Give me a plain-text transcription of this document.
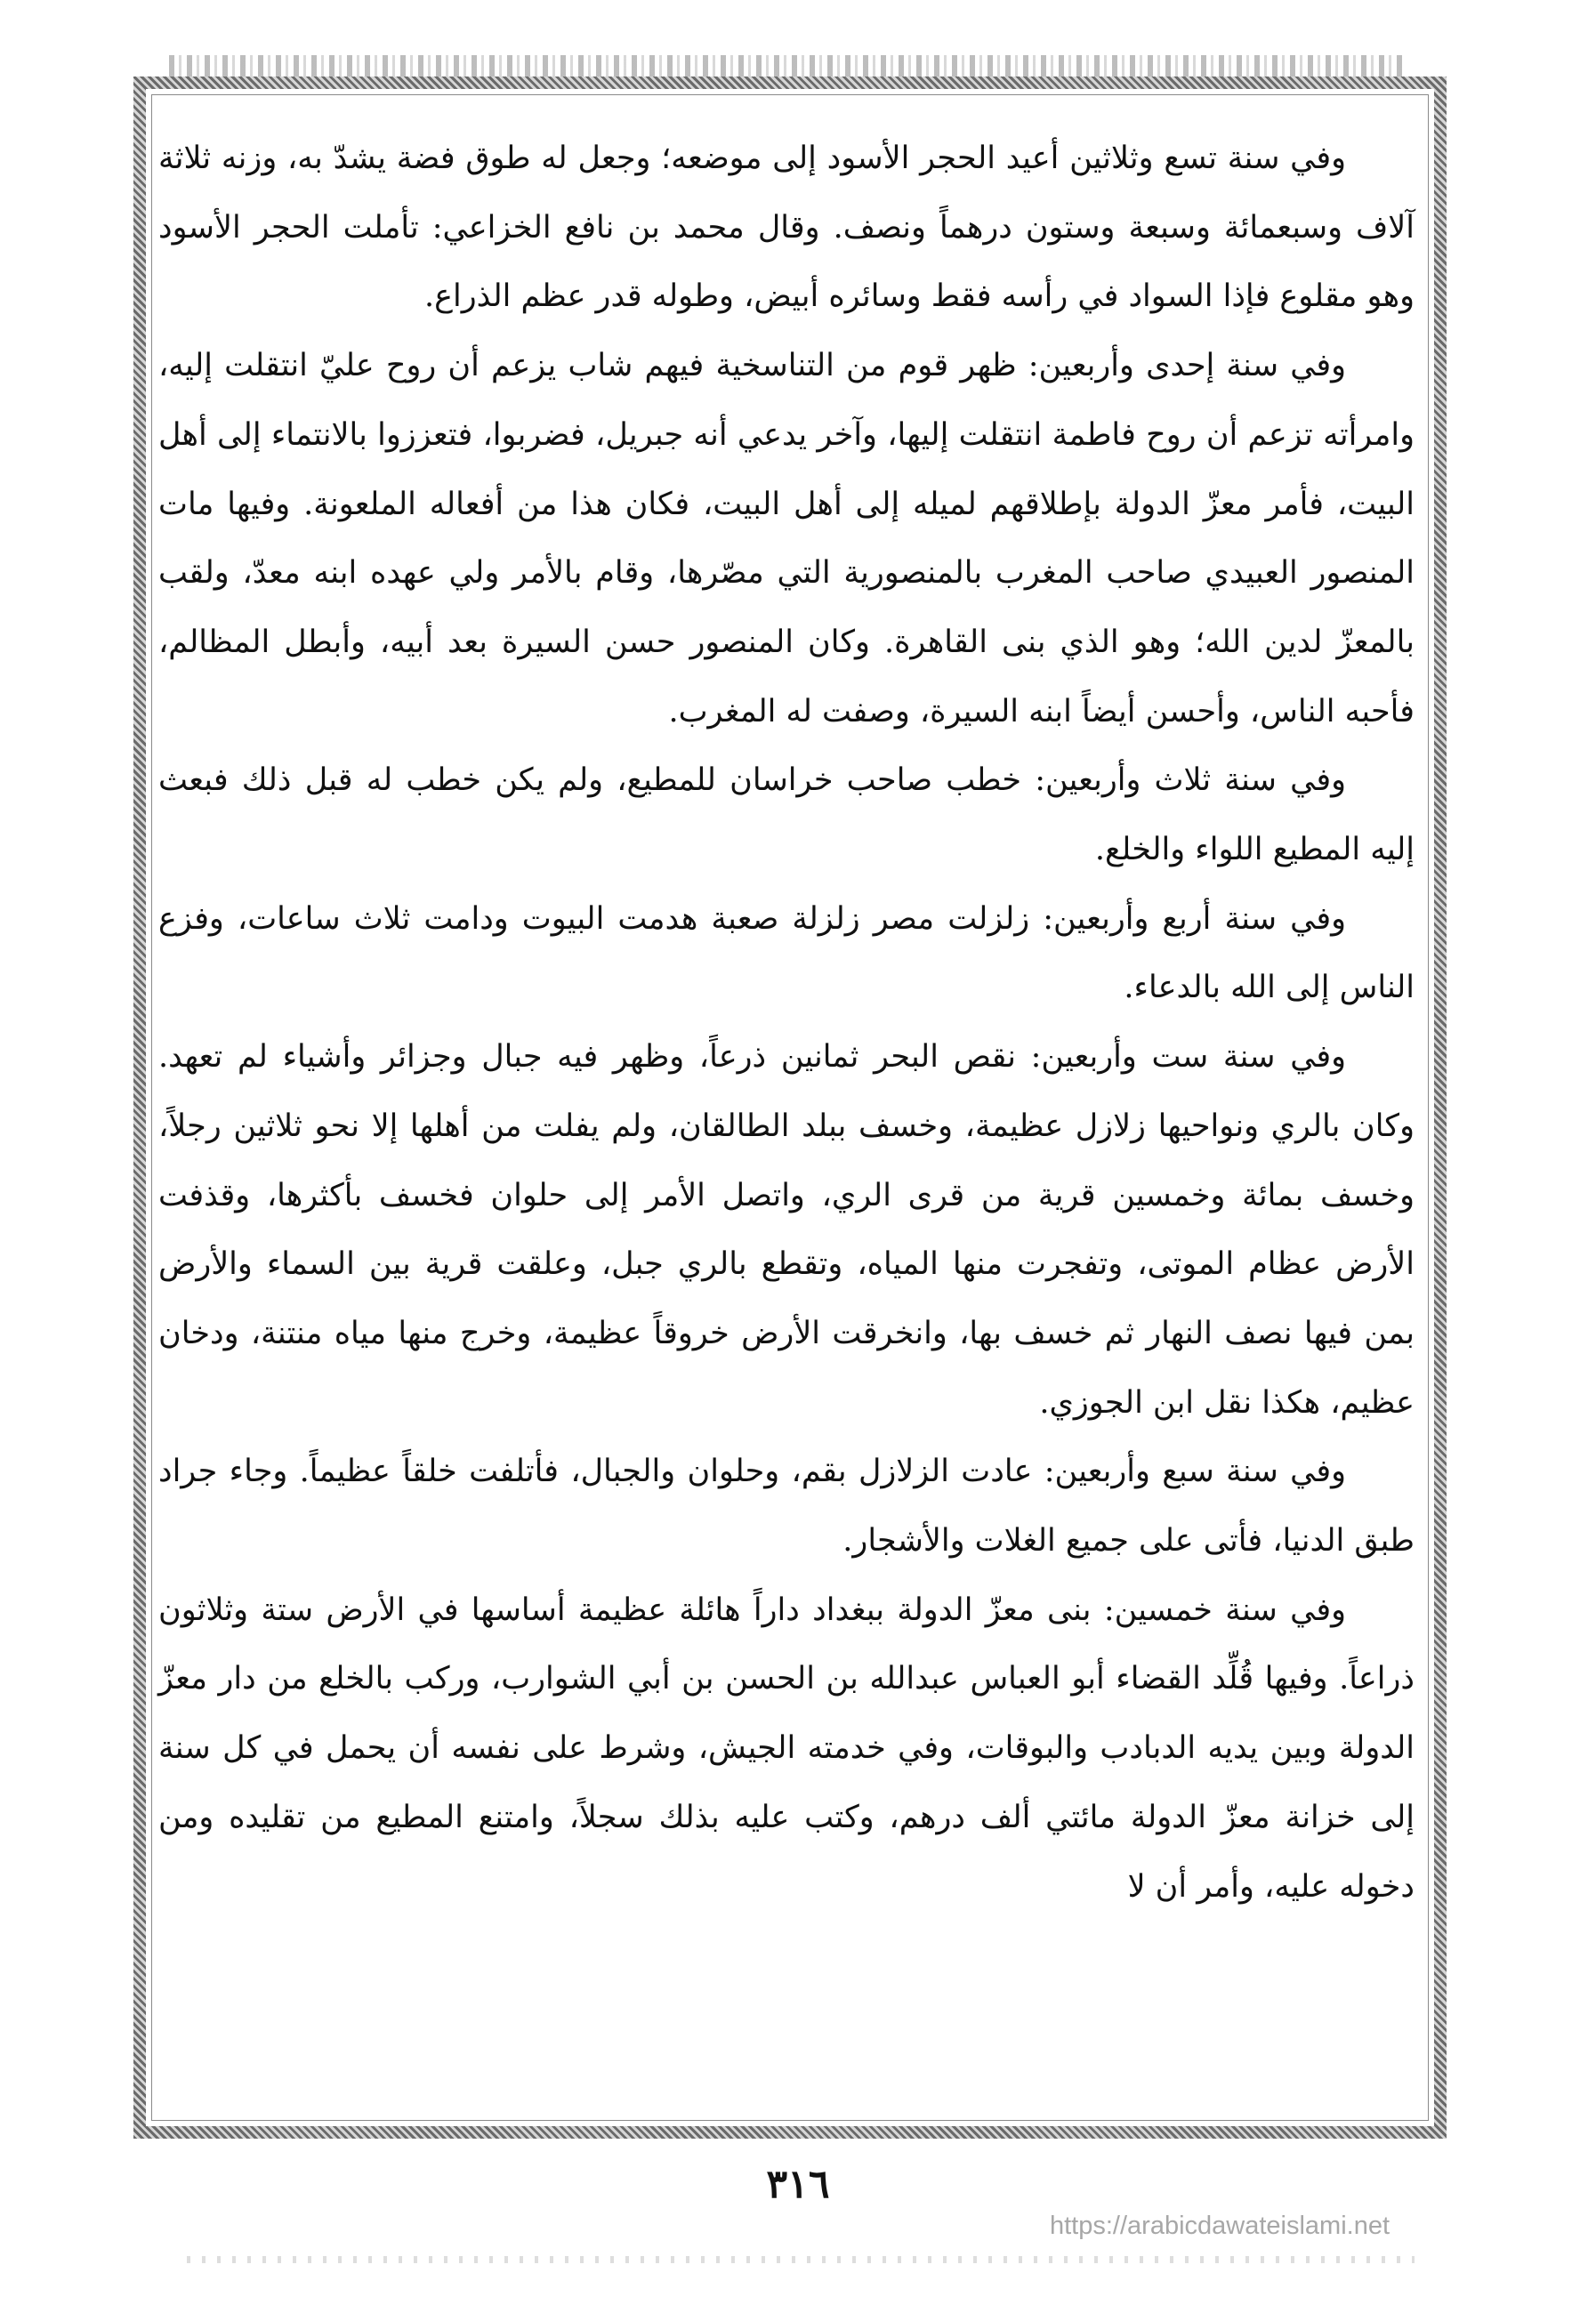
وفي سنة تسع وثلاثين أعيد الحجر الأسود إلى موضعه؛ وجعل له طوق فضة يشدّ به، وزنه ثلاثة آلاف وسبعمائة وسبعة وستون درهماً ونصف. وقال محمد بن نافع الخزاعي: تأملت الحجر الأسود وهو مقلوع فإذا السواد في رأسه فقط وسائره أبيض، وطوله قدر عظم الذراع.

وفي سنة إحدى وأربعين: ظهر قوم من التناسخية فيهم شاب يزعم أن روح عليّ انتقلت إليه، وامرأته تزعم أن روح فاطمة انتقلت إليها، وآخر يدعي أنه جبريل، فضربوا، فتعززوا بالانتماء إلى أهل البيت، فأمر معزّ الدولة بإطلاقهم لميله إلى أهل البيت، فكان هذا من أفعاله الملعونة. وفيها مات المنصور العبيدي صاحب المغرب بالمنصورية التي مصّرها، وقام بالأمر ولي عهده ابنه معدّ، ولقب بالمعزّ لدين الله؛ وهو الذي بنى القاهرة. وكان المنصور حسن السيرة بعد أبيه، وأبطل المظالم، فأحبه الناس، وأحسن أيضاً ابنه السيرة، وصفت له المغرب.

وفي سنة ثلاث وأربعين: خطب صاحب خراسان للمطيع، ولم يكن خطب له قبل ذلك فبعث إليه المطيع اللواء والخلع.

وفي سنة أربع وأربعين: زلزلت مصر زلزلة صعبة هدمت البيوت ودامت ثلاث ساعات، وفزع الناس إلى الله بالدعاء.

وفي سنة ست وأربعين: نقص البحر ثمانين ذرعاً، وظهر فيه جبال وجزائر وأشياء لم تعهد. وكان بالري ونواحيها زلازل عظيمة، وخسف ببلد الطالقان، ولم يفلت من أهلها إلا نحو ثلاثين رجلاً، وخسف بمائة وخمسين قرية من قرى الري، واتصل الأمر إلى حلوان فخسف بأكثرها، وقذفت الأرض عظام الموتى، وتفجرت منها المياه، وتقطع بالري جبل، وعلقت قرية بين السماء والأرض بمن فيها نصف النهار ثم خسف بها، وانخرقت الأرض خروقاً عظيمة، وخرج منها مياه منتنة، ودخان عظيم، هكذا نقل ابن الجوزي.

وفي سنة سبع وأربعين: عادت الزلازل بقم، وحلوان والجبال، فأتلفت خلقاً عظيماً. وجاء جراد طبق الدنيا، فأتى على جميع الغلات والأشجار.

وفي سنة خمسين: بنى معزّ الدولة ببغداد داراً هائلة عظيمة أساسها في الأرض ستة وثلاثون ذراعاً. وفيها قُلِّد القضاء أبو العباس عبدالله بن الحسن بن أبي الشوارب، وركب بالخلع من دار معزّ الدولة وبين يديه الدبادب والبوقات، وفي خدمته الجيش، وشرط على نفسه أن يحمل في كل سنة إلى خزانة معزّ الدولة مائتي ألف درهم، وكتب عليه بذلك سجلاً، وامتنع المطيع من تقليده ومن دخوله عليه، وأمر أن لا

٣١٦
https://arabicdawateislami.net
